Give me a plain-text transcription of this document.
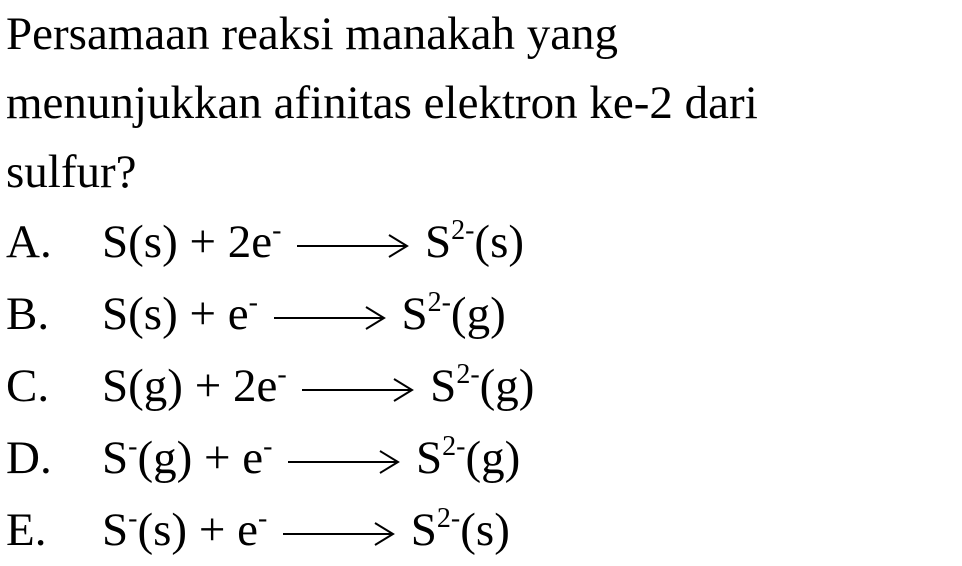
Persamaan reaksi manakah yang
menunjukkan afinitas elektron ke-2 dari
sulfur?
A. $S(s) + 2e^- \to S^{2-}(s)$
B. $S(s) + e^- \to S^{2-}(g)$
C. $S(g) + 2e^- \to S^{2-}(g)$
D. $S^-(g) + e^- \to S^{2-}(g)$
E. $S^-(s) + e^- \to S^{2-}(s)$
